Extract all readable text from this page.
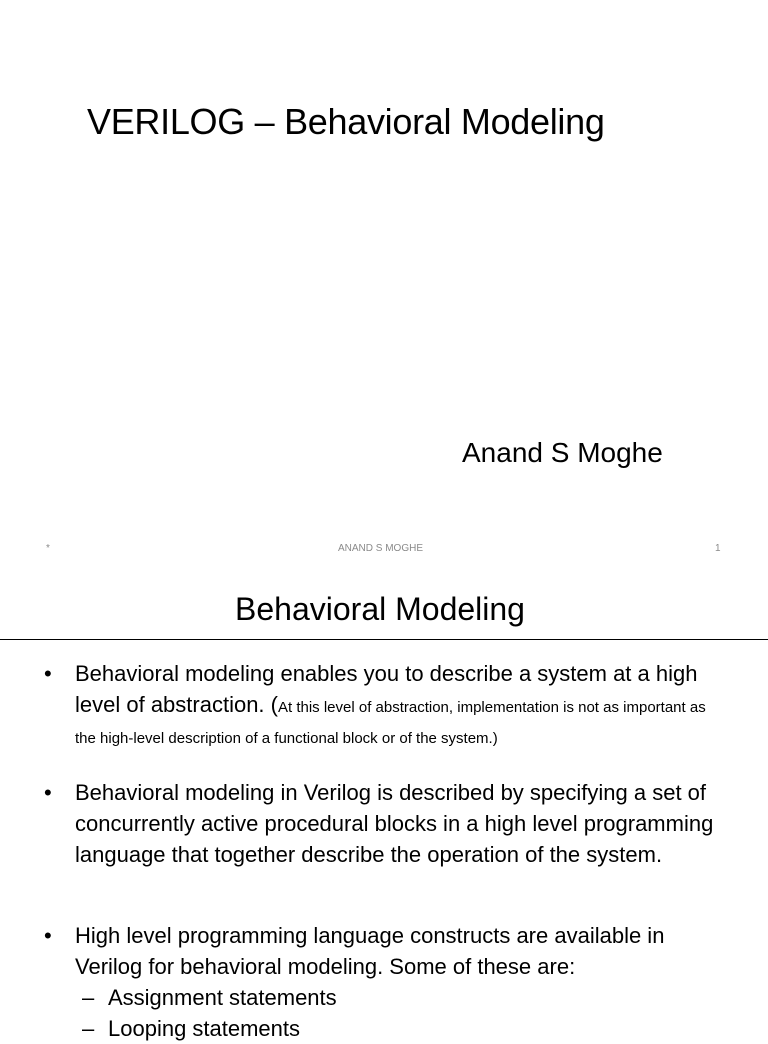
VERILOG – Behavioral Modeling
Anand S Moghe
*	ANAND S MOGHE	1
Behavioral Modeling
• Behavioral modeling enables you to describe a system at a high level of abstraction. (At this level of abstraction, implementation is not as important as the high-level description of a functional block or of the system.)
• Behavioral modeling in Verilog is described by specifying a set of concurrently active procedural blocks in a high level programming language that together describe the operation of the system.
• High level programming language constructs are available in Verilog for behavioral modeling. Some of these are:
– Assignment statements
– Looping statements
